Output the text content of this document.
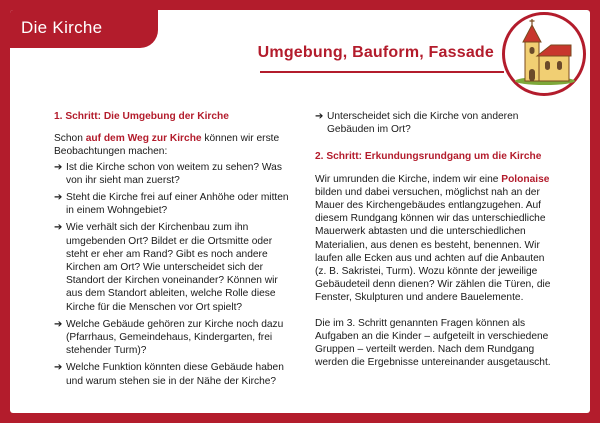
Die Kirche
Umgebung, Bauform, Fassade
1. Schritt: Die Umgebung der Kirche
Schon auf dem Weg zur Kirche können wir erste Beobachtungen machen:
➔ Ist die Kirche schon von weitem zu sehen? Was von ihr sieht man zuerst?
➔ Steht die Kirche frei auf einer Anhöhe oder mitten in einem Wohngebiet?
➔ Wie verhält sich der Kirchenbau zum ihn umgebenden Ort? Bildet er die Ortsmitte oder steht er eher am Rand? Gibt es noch andere Kirchen am Ort? Wie unterscheidet sich der Standort der Kirchen voneinander? Können wir aus dem Standort ableiten, welche Rolle diese Kirche für die Menschen vor Ort spielt?
➔ Welche Gebäude gehören zur Kirche noch dazu (Pfarrhaus, Gemeindehaus, Kindergarten, frei stehender Turm)?
➔ Welche Funktion könnten diese Gebäude haben und warum stehen sie in der Nähe der Kirche?
➔ Unterscheidet sich die Kirche von anderen Gebäuden im Ort?
2. Schritt: Erkundungsrundgang um die Kirche
Wir umrunden die Kirche, indem wir eine Polonaise bilden und dabei versuchen, möglichst nah an der Mauer des Kirchengebäudes entlangzugehen. Auf diesem Rundgang können wir das unterschiedliche Mauerwerk abtasten und die unterschiedlichen Materialien, aus denen es besteht, benennen. Wir laufen alle Ecken aus und achten auf die Anbauten (z. B. Sakristei, Turm). Wozu könnte der jeweilige Gebäudeteil denn dienen? Wir zählen die Türen, die Fenster, Skulpturen und andere Bauelemente.
Die im 3. Schritt genannten Fragen können als Aufgaben an die Kinder – aufgeteilt in verschiedene Gruppen – verteilt werden. Nach dem Rundgang werden die Ergebnisse untereinander ausgetauscht.
